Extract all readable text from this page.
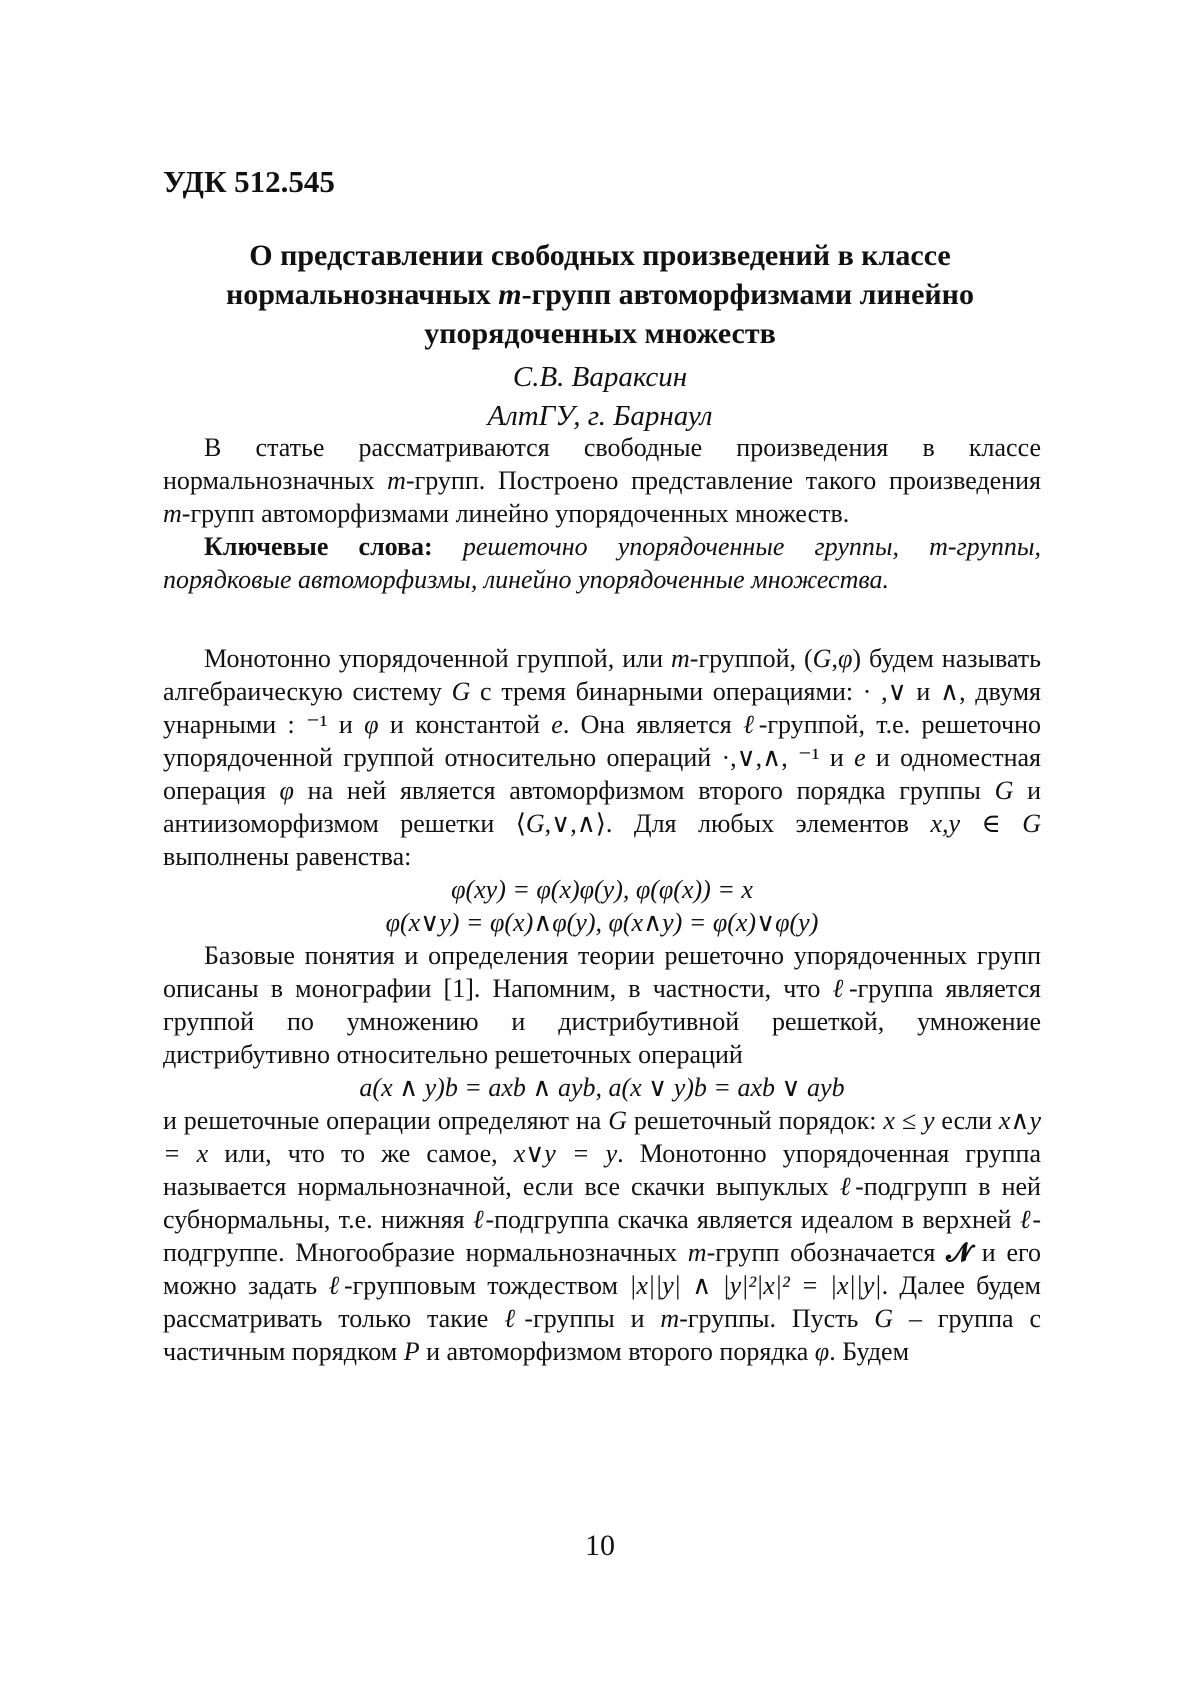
УДК 512.545
О представлении свободных произведений в классе
нормальнозначных m-групп автоморфизмами линейно
упорядоченных множеств
С.В. Вараксин
АлтГУ, г. Барнаул

В статье рассматриваются свободные произведения в классе нормальнозначных m-групп. Построено представление такого произведения m-групп автоморфизмами линейно упорядоченных множеств.

Ключевые слова: решеточно упорядоченные группы, m-группы, порядковые автоморфизмы, линейно упорядоченные множества.

Монотонно упорядоченной группой, или m-группой, (G,φ) будем называть алгебраическую систему G с тремя бинарными операциями: · ,∨ и ∧, двумя унарными : ⁻¹ и φ и константой e. Она является ℓ-группой, т.е. решеточно упорядоченной группой относительно операций ·,∨,∧, ⁻¹ и e и одноместная операция φ на ней является автоморфизмом второго порядка группы G и антиизоморфизмом решетки ⟨G,∨,∧⟩. Для любых элементов x,y ∈ G выполнены равенства:

φ(xy) = φ(x)φ(y), φ(φ(x)) = x
φ(x∨y) = φ(x)∧φ(y), φ(x∧y) = φ(x)∨φ(y)

Базовые понятия и определения теории решеточно упорядоченных групп описаны в монографии [1]. Напомним, в частности, что ℓ-группа является группой по умножению и дистрибутивной решеткой, умножение дистрибутивно относительно решеточных операций

a(x ∧ y)b = axb ∧ ayb, a(x ∨ y)b = axb ∨ ayb

и решеточные операции определяют на G решеточный порядок: x ≤ y если x∧y = x или, что то же самое, x∨y = y. Монотонно упорядоченная группа называется нормальнозначной, если все скачки выпуклых ℓ-подгрупп в ней субнормальны, т.е. нижняя ℓ-подгруппа скачка является идеалом в верхней ℓ-подгруппе. Многообразие нормальнозначных m-групп обозначается 𝓝 и его можно задать ℓ-групповым тождеством |x||y| ∧ |y|²|x|² = |x||y|. Далее будем рассматривать только такие ℓ-группы и m-группы. Пусть G – группа с частичным порядком P и автоморфизмом второго порядка φ. Будем

10
